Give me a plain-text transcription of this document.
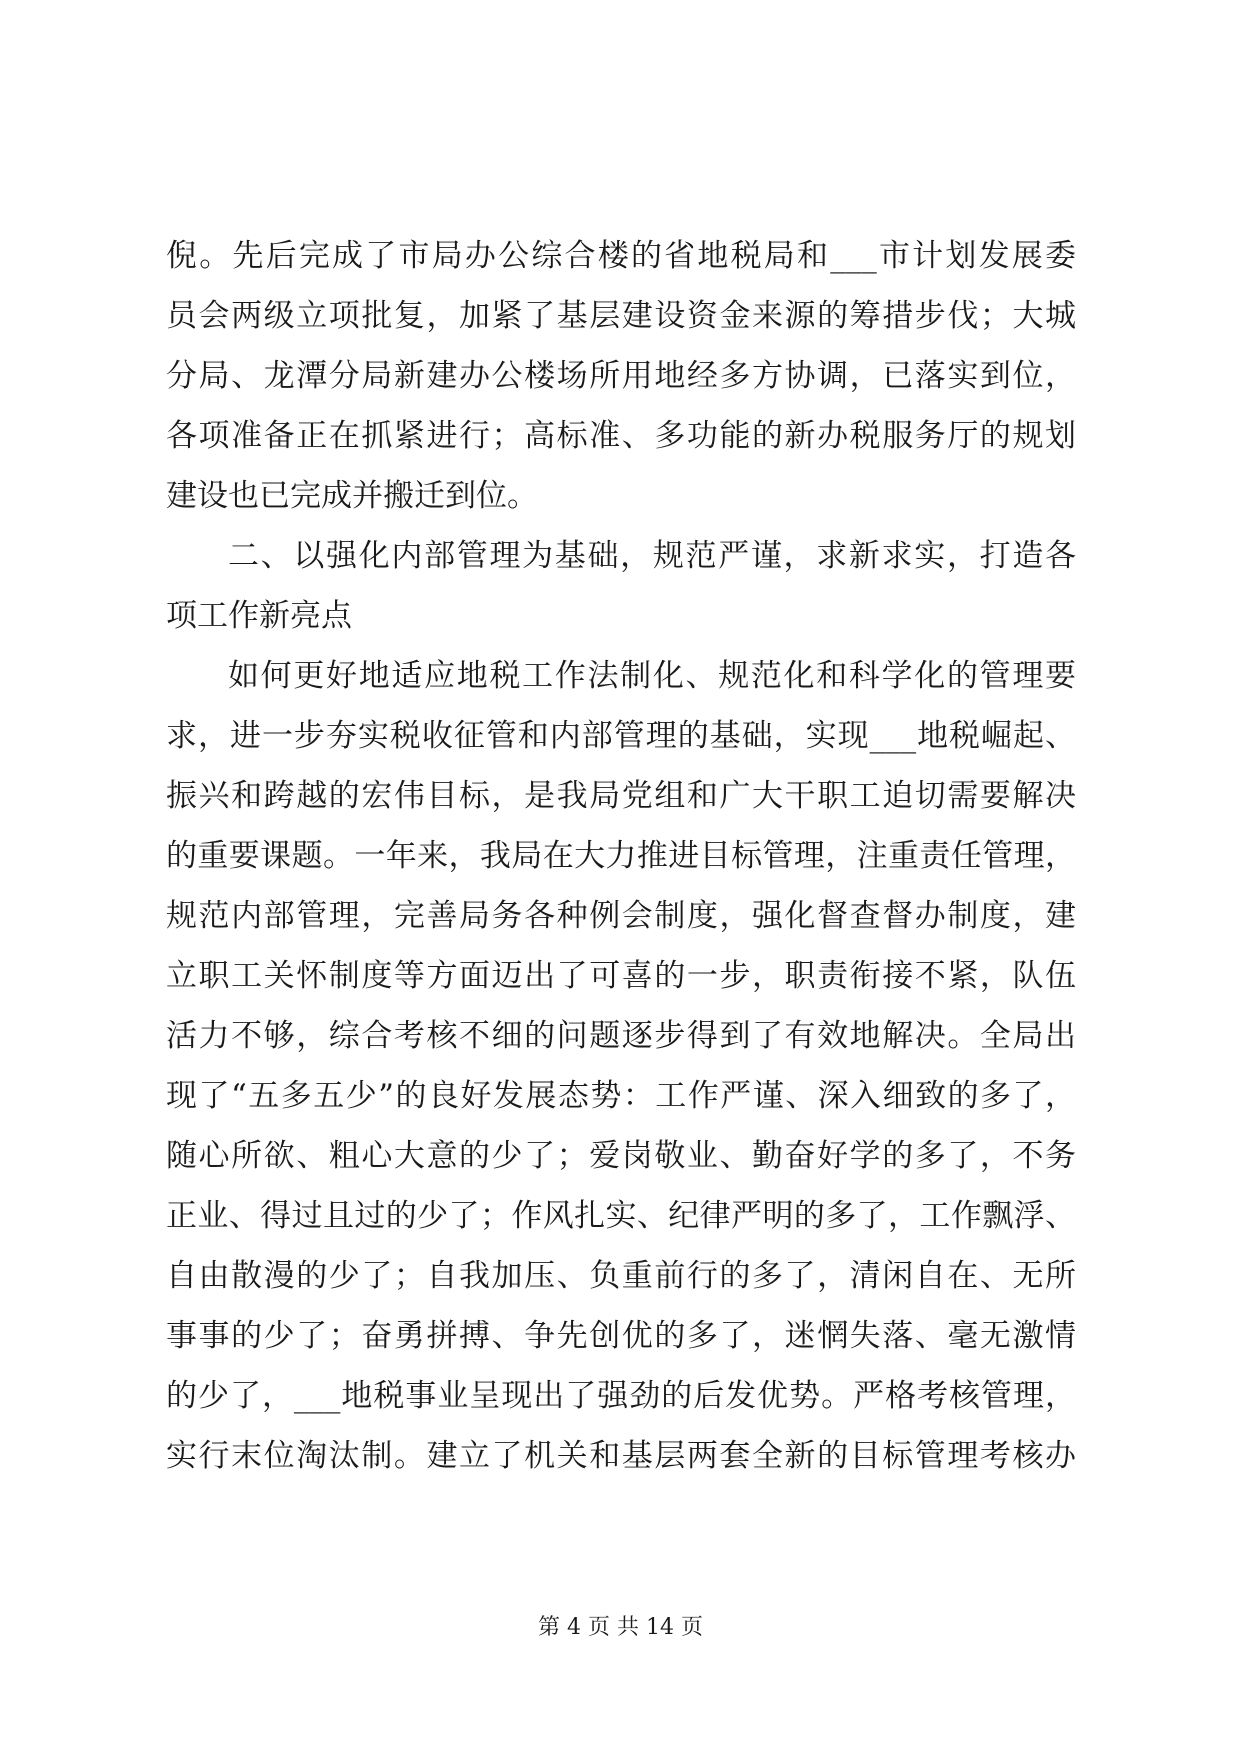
倪。先后完成了市局办公综合楼的省地税局和___市计划发展委
员会两级立项批复，加紧了基层建设资金来源的筹措步伐；大城
分局、龙潭分局新建办公楼场所用地经多方协调，已落实到位，
各项准备正在抓紧进行；高标准、多功能的新办税服务厅的规划
建设也已完成并搬迁到位。
二、以强化内部管理为基础，规范严谨，求新求实，打造各
项工作新亮点
如何更好地适应地税工作法制化、规范化和科学化的管理要
求，进一步夯实税收征管和内部管理的基础，实现___地税崛起、
振兴和跨越的宏伟目标，是我局党组和广大干职工迫切需要解决
的重要课题。一年来，我局在大力推进目标管理，注重责任管理，
规范内部管理，完善局务各种例会制度，强化督查督办制度，建
立职工关怀制度等方面迈出了可喜的一步，职责衔接不紧，队伍
活力不够，综合考核不细的问题逐步得到了有效地解决。全局出
现了“五多五少”的良好发展态势：工作严谨、深入细致的多了，
随心所欲、粗心大意的少了；爱岗敬业、勤奋好学的多了，不务
正业、得过且过的少了；作风扎实、纪律严明的多了，工作飘浮、
自由散漫的少了；自我加压、负重前行的多了，清闲自在、无所
事事的少了；奋勇拼搏、争先创优的多了，迷惘失落、毫无激情
的少了，___地税事业呈现出了强劲的后发优势。严格考核管理，
实行末位淘汰制。建立了机关和基层两套全新的目标管理考核办
第 4 页 共 14 页
